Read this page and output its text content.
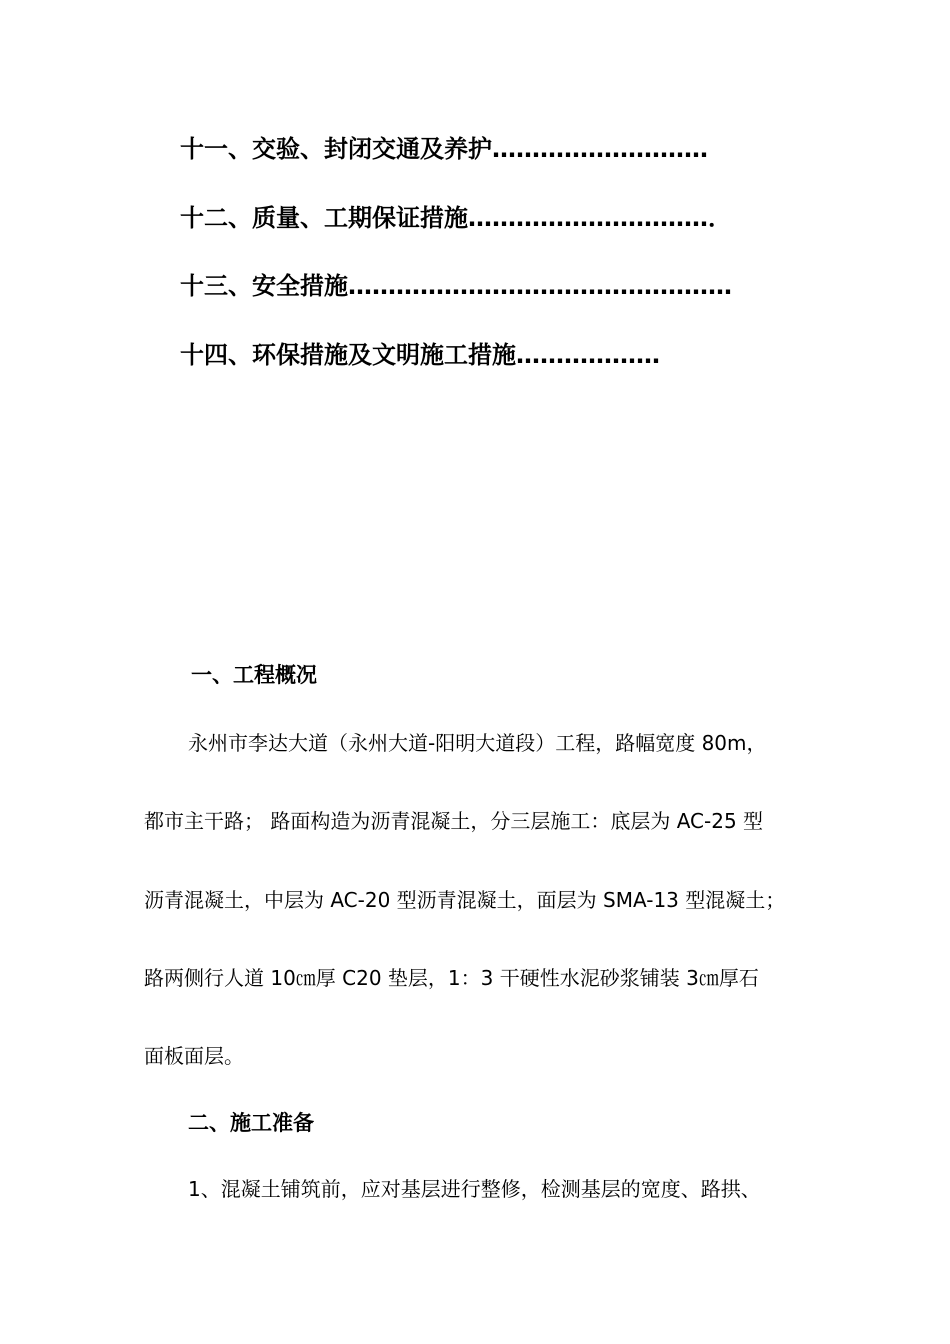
十一、交验、封闭交通及养护………………………
十二、质量、工期保证措施…………………………．
十三、安全措施…………………………………………
十四、环保措施及文明施工措施………………
一、工程概况
永州市李达大道（永州大道-阳明大道段）工程，路幅宽度 80m，
都市主干路； 路面构造为沥青混凝土，分三层施工：底层为 AC-25 型
沥青混凝土，中层为 AC-20 型沥青混凝土，面层为 SMA-13 型混凝土；
路两侧行人道 10㎝厚 C20 垫层，1：3 干硬性水泥砂浆铺装 3㎝厚石
面板面层。
二、施工准备
1、混凝土铺筑前，应对基层进行整修，检测基层的宽度、路拱、
